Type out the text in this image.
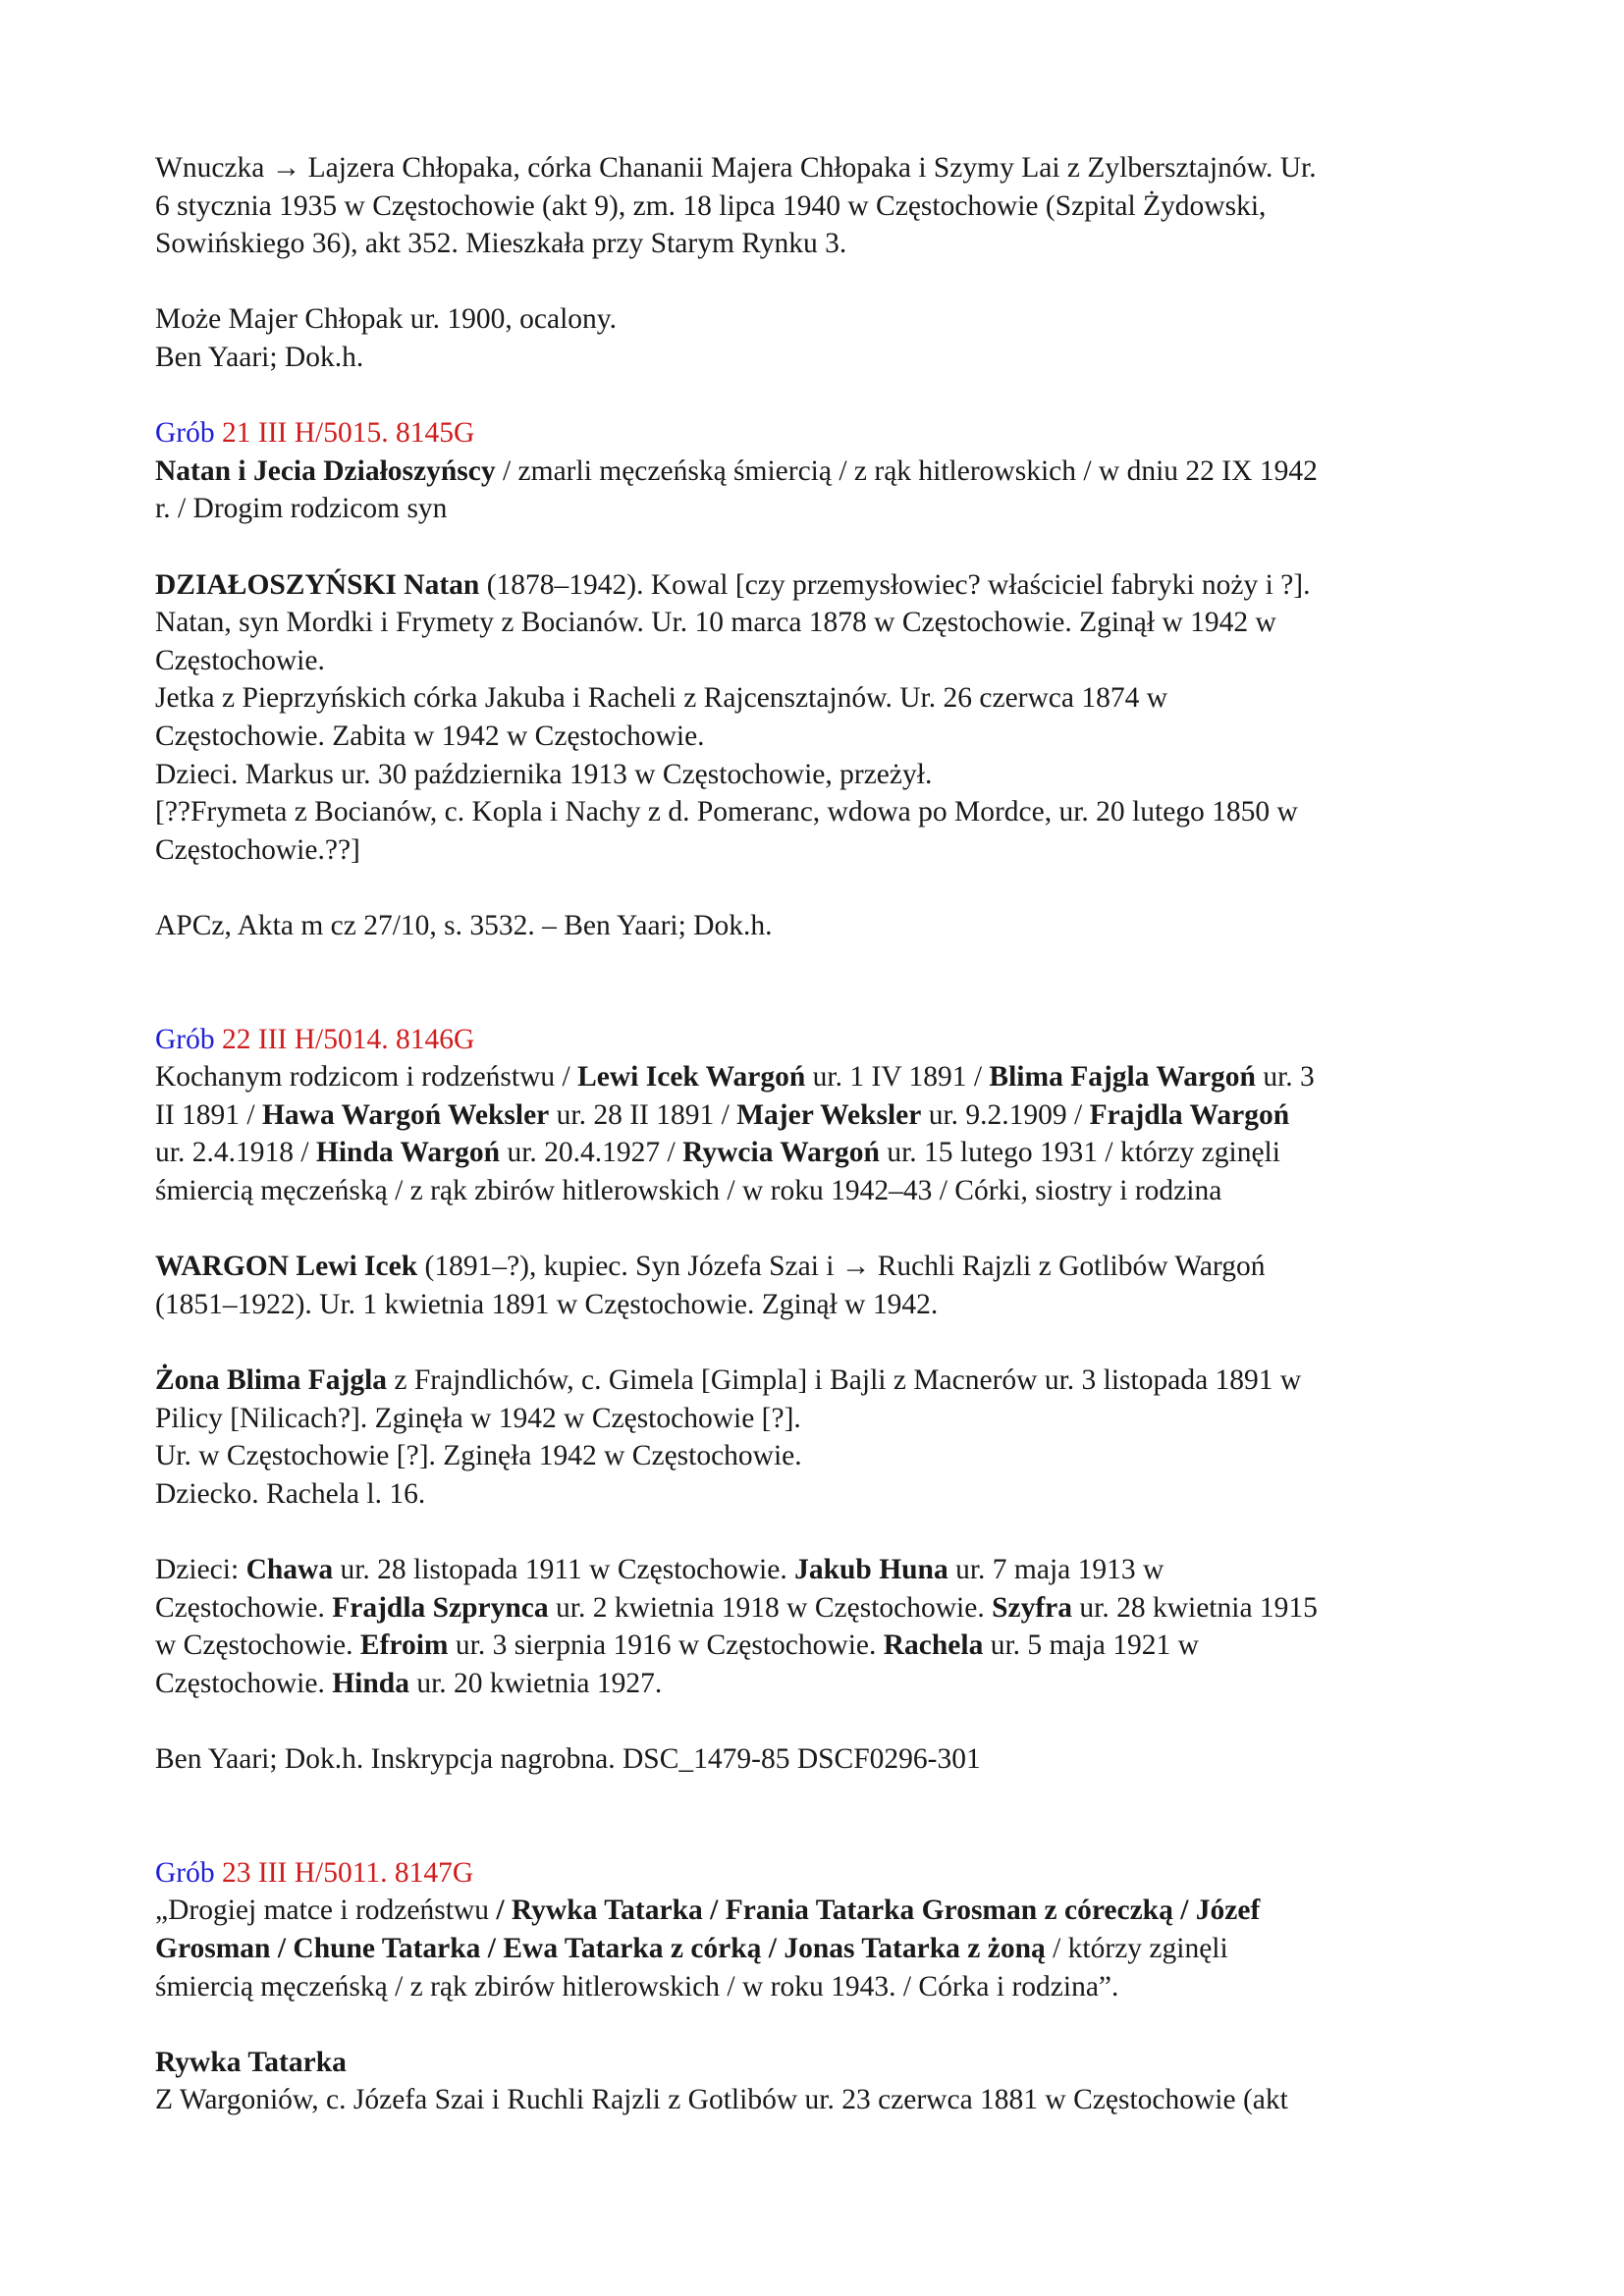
Wnuczka → Lajzera Chłopaka, córka Chananii Majera Chłopaka i Szymy Lai z Zylbersztajnów. Ur.
6 stycznia 1935 w Częstochowie (akt 9), zm. 18 lipca 1940 w Częstochowie (Szpital Żydowski,
Sowińskiego 36), akt 352. Mieszkała przy Starym Rynku 3.
Może Majer Chłopak ur. 1900, ocalony.
Ben Yaari; Dok.h.
Grób 21 III H/5015. 8145G
Natan i Jecia Działoszyńscy / zmarli męczeńską śmiercią / z rąk hitlerowskich / w dniu 22 IX 1942
r. / Drogim rodzicom syn
DZIAŁOSZYŃSKI Natan (1878–1942). Kowal [czy przemysłowiec? właściciel fabryki noży i ?].
Natan, syn Mordki i Frymety z Bocianów. Ur. 10 marca 1878 w Częstochowie. Zginął w 1942 w
Częstochowie.
Jetka z Pieprzyńskich córka Jakuba i Racheli z Rajcensztajnów. Ur. 26 czerwca 1874 w
Częstochowie. Zabita w 1942 w Częstochowie.
Dzieci. Markus ur. 30 października 1913 w Częstochowie, przeżył.
[??Frymeta z Bocianów, c. Kopla i Nachy z d. Pomeranc, wdowa po Mordce, ur. 20 lutego 1850 w
Częstochowie.??]
APCz, Akta m cz 27/10, s. 3532. – Ben Yaari; Dok.h.
Grób 22 III H/5014. 8146G
Kochanym rodzicom i rodzeństwu / Lewi Icek Wargoń ur. 1 IV 1891 / Blima Fajgla Wargoń ur. 3
II 1891 / Hawa Wargoń Weksler ur. 28 II 1891 / Majer Weksler ur. 9.2.1909 / Frajdla Wargoń
ur. 2.4.1918 / Hinda Wargoń ur. 20.4.1927 / Rywcia Wargoń ur. 15 lutego 1931 / którzy zginęli
śmiercią męczeńską / z rąk zbirów hitlerowskich / w roku 1942–43 / Córki, siostry i rodzina
WARGON Lewi Icek (1891–?), kupiec. Syn Józefa Szai i → Ruchli Rajzli z Gotlibów Wargoń
(1851–1922). Ur. 1 kwietnia 1891 w Częstochowie. Zginął w 1942.
Żona Blima Fajgla z Frajndlichów, c. Gimela [Gimpla] i Bajli z Macnerów ur. 3 listopada 1891 w
Pilicy [Nilicach?]. Zginęła w 1942 w Częstochowie [?].
Ur. w Częstochowie [?]. Zginęła 1942 w Częstochowie.
Dziecko. Rachela l. 16.
Dzieci: Chawa ur. 28 listopada 1911 w Częstochowie. Jakub Huna ur. 7 maja 1913 w
Częstochowie. Frajdla Szprynca ur. 2 kwietnia 1918 w Częstochowie. Szyfra ur. 28 kwietnia 1915
w Częstochowie. Efroim ur. 3 sierpnia 1916 w Częstochowie. Rachela ur. 5 maja 1921 w
Częstochowie. Hinda ur. 20 kwietnia 1927.
Ben Yaari; Dok.h. Inskrypcja nagrobna. DSC_1479-85 DSCF0296-301
Grób 23 III H/5011. 8147G
„Drogiej matce i rodzeństwu / Rywka Tatarka / Frania Tatarka Grosman z córeczką / Józef
Grosman / Chune Tatarka / Ewa Tatarka z córką / Jonas Tatarka z żoną / którzy zginęli
śmiercią męczeńską / z rąk zbirów hitlerowskich / w roku 1943. / Córka i rodzina”.
Rywka Tatarka
Z Wargoniów, c. Józefa Szai i Ruchli Rajzli z Gotlibów ur. 23 czerwca 1881 w Częstochowie (akt
